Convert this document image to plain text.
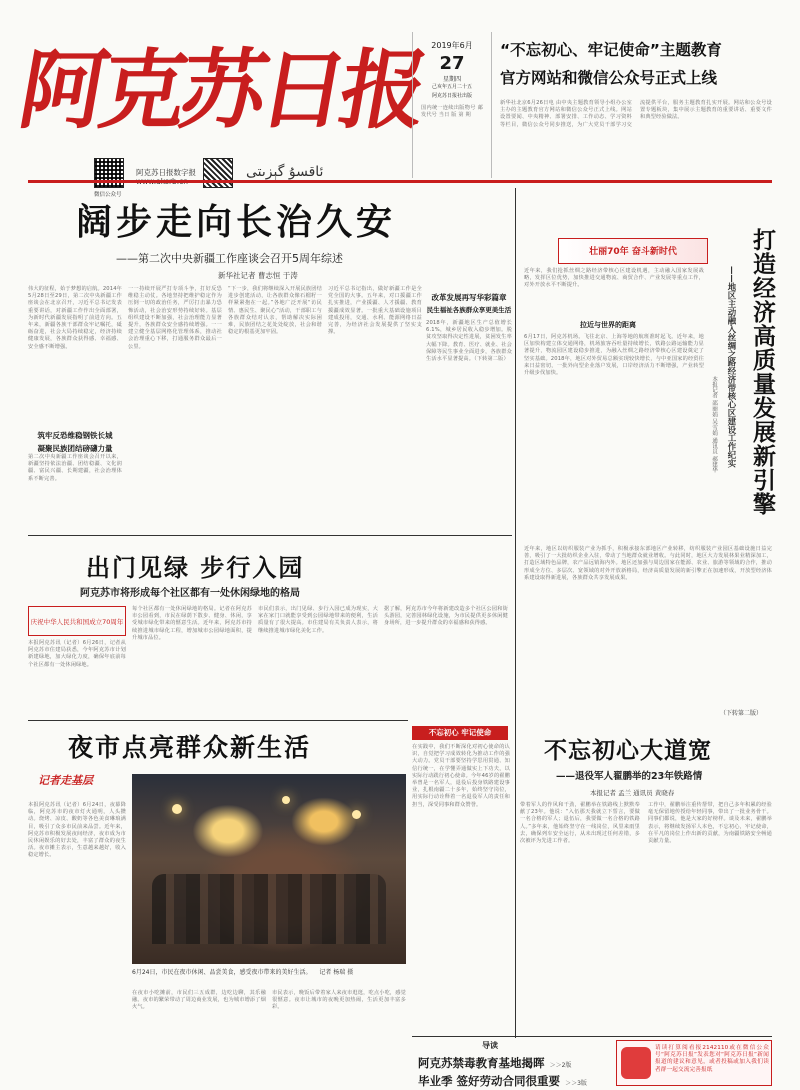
阿克苏日报
微信公众号
阿克苏日报数字报	ئاقسۇ گېزىتى
2019年6月
27
星期四
己亥年五月二十五
阿克苏日报社出版
国内统一连续出版物号 邮发代号 当日 版 第 期
“不忘初心、牢记使命”主题教育
官方网站和微信公众号正式上线
新华社北京6月26日电 由中央主题教育领导小组办公室主办的主题教育官方网站和微信公众号正式上线。网站设置要闻、中央精神、部署安排、工作动态、学习资料等栏目，微信公众号同步推送，为广大党员干部学习交流提供平台，服务主题教育扎实开展。网站和公众号设置专题板块，集中展示主题教育的重要讲话、重要文件和典型经验做法。
阔步走向长治久安
——第二次中央新疆工作座谈会召开5周年综述
新华社记者 曹志恒 于涛
伟大的征程，始于梦想的启航。2014年5月28日至29日，第二次中央新疆工作座谈会在北京召开，习近平总书记发表重要讲话，对新疆工作作出全面部署，为新时代新疆发展指明了前进方向。五年来，新疆各族干部群众牢记嘱托，砥砺奋进，社会大局持续稳定，经济持续健康发展，各族群众获得感、幸福感、安全感不断增强。
筑牢反恐维稳钢铁长城
凝聚民族团结磅礴力量
第二次中央新疆工作座谈会召开以来，新疆坚持依法治疆、团结稳疆、文化润疆、富民兴疆、长期建疆，社会治理体系不断完善。
一一持续开展严打专项斗争，打好反恐维稳主动仗。各地坚持把维护稳定作为压倒一切的政治任务，严厉打击暴力恐怖活动，社会治安形势持续好转。基层组织建设不断加强，社会治理能力显著提升，各族群众安全感持续增强。一一建立健全基层网格化管理体系，推动社会治理重心下移，打通服务群众最后一公里。
“下一步，我们将继续深入开展民族团结进步创建活动，让各族群众像石榴籽一样紧紧抱在一起。”各地广泛开展“访民情、惠民生、聚民心”活动，干部职工与各族群众结对认亲，帮助解决实际困难，民族团结之花处处绽放，社会和谐稳定的根基更加牢固。
习近平总书记指出，做好新疆工作是全党全国的大事。五年来，对口援疆工作扎实推进，产业援疆、人才援疆、教育援疆成效显著。一批重大基础设施项目建成投用，交通、水利、能源网络日益完善，为经济社会发展提供了坚实支撑。
改革发展再写华彩篇章
民生福祉各族群众享更美生活
2018年，新疆地区生产总值增长6.1%，城乡居民收入稳步增加。脱贫攻坚取得决定性进展，贫困发生率大幅下降。教育、医疗、就业、社会保障等民生事业全面进步，各族群众生活水平显著提高。（下转第二版）
壮丽70年 奋斗新时代	打造经济高质量发展新引擎
——地区主动融入丝绸之路经济带核心区建设工作纪实
本报记者 邵丽娟 吴雪娟 通讯员 郝建华
近年来，我们抢抓丝绸之路经济带核心区建设机遇，主动融入国家发展战略，发挥区位优势，加快推进交通物流、商贸合作、产业发展等重点工作，对外开放水平不断提升。
拉近与世界的距离
6月17日，阿克苏机场。飞往北京、上海等地的航班准时起飞。近年来，地区加快构建立体交通网络，机场旅客吞吐量持续增长，铁路公路运输能力显著提升，物流园区建设稳步推进，为融入丝绸之路经济带核心区建设奠定了坚实基础。2018年，地区对外贸易总额实现较快增长，与中亚国家的经贸往来日益密切，一批外向型企业落户发展，口岸经济活力不断增强，产业转型升级步伐加快。
近年来，地区以纺织服装产业为抓手，积极承接东部地区产业转移，纺织服装产业园区基础设施日益完善，吸引了一大批纺织企业入驻，带动了当地群众就业增收。与此同时，地区大力发展林果业精深加工，打造区域特色品牌，农产品远销海内外。地区还加强与周边国家在能源、农业、旅游等领域的合作，推动形成全方位、多层次、宽领域的对外开放新格局，经济高质量发展的新引擎正在加速形成，开放型经济体系建设取得新进展，各族群众共享发展成果。
（下转第二版）
出门见绿 步行入园
阿克苏市将形成每个社区都有一处休闲绿地的格局
庆祝中华人民共和国成立70周年
本报阿克苏讯（记者）6月26日，记者从阿克苏市住建局获悉，今年阿克苏市计划新建绿地，加大绿化力度，确保年底前每个社区都有一处休闲绿地。
每个社区都有一处休闲绿地的格局。记者在阿克苏市公园看到，市民在绿荫下散步、健身、休闲，享受城市绿化带来的惬意生活。近年来，阿克苏市持续推进城市绿化工程，增加城市公园绿地面积，提升城市品位。
市民们表示，出门见绿、步行入园已成为现实，大家在家门口就能享受到公园绿地带来的便利，生活质量有了很大提高。市住建局有关负责人表示，将继续推进城市绿化美化工作。
据了解，阿克苏市今年将新建改造多个社区公园和街头游园，完善园林绿化设施，为市民提供更多休闲健身场所，进一步提升群众的幸福感和获得感。
夜市点亮群众新生活
记者走基层
本报阿克苏讯（记者）6月24日，夜幕降临，阿克苏市的夜市灯火通明，人头攒动。烧烤、凉皮、酸奶等各色美食琳琅满目，吸引了众多市民前来品尝。近年来，阿克苏市积极发展夜间经济，夜市成为市民休闲娱乐的好去处，丰富了群众的夜生活。夜市摊主表示，生意越来越好，收入稳定增长。
6月24日，市民在夜市休闲、品尝美食，感受夜市带来的美好生活。 记者 杨瑞 摄
在夜市小吃摊前，市民们三五成群，边吃边聊，其乐融融。夜市的繁荣带动了周边商业发展，也为城市增添了烟火气。
市民表示，晚饭后带着家人来夜市逛逛，吃点小吃，感觉很惬意。夜市让城市的夜晚更加热闹，生活更加丰富多彩。
不忘初心 牢记使命
在实践中，我们不断深化对初心使命的认识，自觉把学习成效转化为推动工作的强大动力。党员干部要坚持学思用贯通、知信行统一，在学懂弄通做实上下功夫，以实际行动践行初心使命。今年46岁的翟鹏举曾是一名军人，退役后投身铁路建设事业，扎根南疆二十多年，始终坚守岗位，用实际行动诠释着一名退役军人的责任和担当，深受同事和群众赞誉。
不忘初心大道宽
——退役军人翟鹏举的23年铁路情
本报记者 孟兰 通讯员 黄晓春
带着军人的作风和干劲，翟鹏举在铁路线上默默奉献了23年。他说：“入伍那天我就立下誓言，要做一名合格的军人；退伍后，我要做一名合格的铁路人。”多年来，他始终坚守在一线岗位，风里来雨里去，确保列车安全运行，从未出现过任何差错，多次被评为先进工作者。
工作中，翟鹏举注重传帮带，把自己多年积累的经验毫无保留地传授给年轻同事，带出了一批业务骨干。同事们都说，他是大家的好榜样。谈及未来，翟鹏举表示，将继续发扬军人本色，不忘初心，牢记使命，在平凡的岗位上作出新的贡献，为南疆铁路安全畅通贡献力量。
导读
阿克苏禁毒教育基地揭晖 ＞＞2版
毕业季 签好劳动合同很重要 ＞＞3版
请读打算阅看报2142110或在微信公众号“阿克苏日报”发表您对“阿克苏日报”新闻报道的建议和意见，或者投稿或加入我们读者群一起交流完善报纸
